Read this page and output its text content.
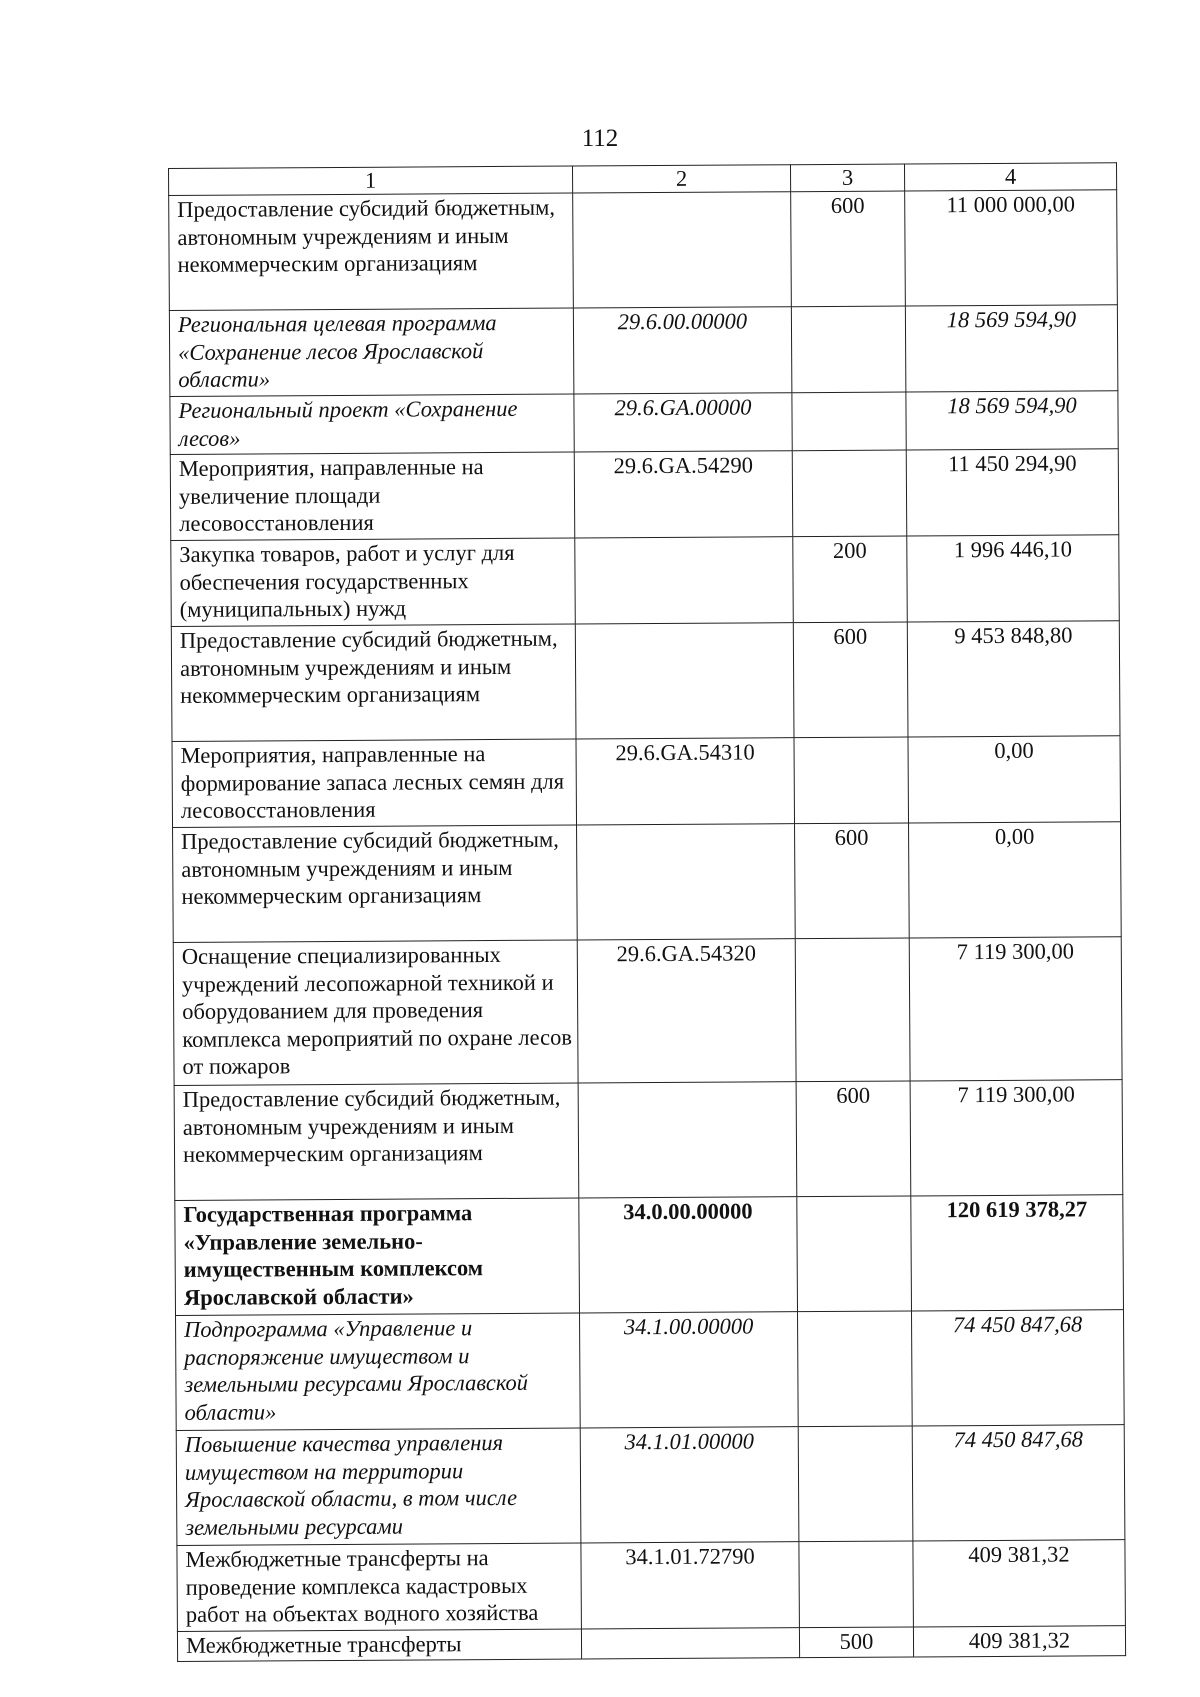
112
1	2	3	4
Предоставление субсидий бюджетным, автономным учреждениям и иным некоммерческим организациям		600	11 000 000,00
Региональная целевая программа «Сохранение лесов Ярославской области»	29.6.00.00000		18 569 594,90
Региональный проект «Сохранение лесов»	29.6.GA.00000		18 569 594,90
Мероприятия, направленные на увеличение площади лесовосстановления	29.6.GA.54290		11 450 294,90
Закупка товаров, работ и услуг для обеспечения государственных (муниципальных) нужд		200	1 996 446,10
Предоставление субсидий бюджетным, автономным учреждениям и иным некоммерческим организациям		600	9 453 848,80
Мероприятия, направленные на формирование запаса лесных семян для лесовосстановления	29.6.GA.54310		0,00
Предоставление субсидий бюджетным, автономным учреждениям и иным некоммерческим организациям		600	0,00
Оснащение специализированных учреждений лесопожарной техникой и оборудованием для проведения комплекса мероприятий по охране лесов от пожаров	29.6.GA.54320		7 119 300,00
Предоставление субсидий бюджетным, автономным учреждениям и иным некоммерческим организациям		600	7 119 300,00
Государственная программа «Управление земельно-имущественным комплексом Ярославской области»	34.0.00.00000		120 619 378,27
Подпрограмма «Управление и распоряжение имуществом и земельными ресурсами Ярославской области»	34.1.00.00000		74 450 847,68
Повышение качества управления имуществом на территории Ярославской области, в том числе земельными ресурсами	34.1.01.00000		74 450 847,68
Межбюджетные трансферты на проведение комплекса кадастровых работ на объектах водного хозяйства	34.1.01.72790		409 381,32
Межбюджетные трансферты		500	409 381,32
